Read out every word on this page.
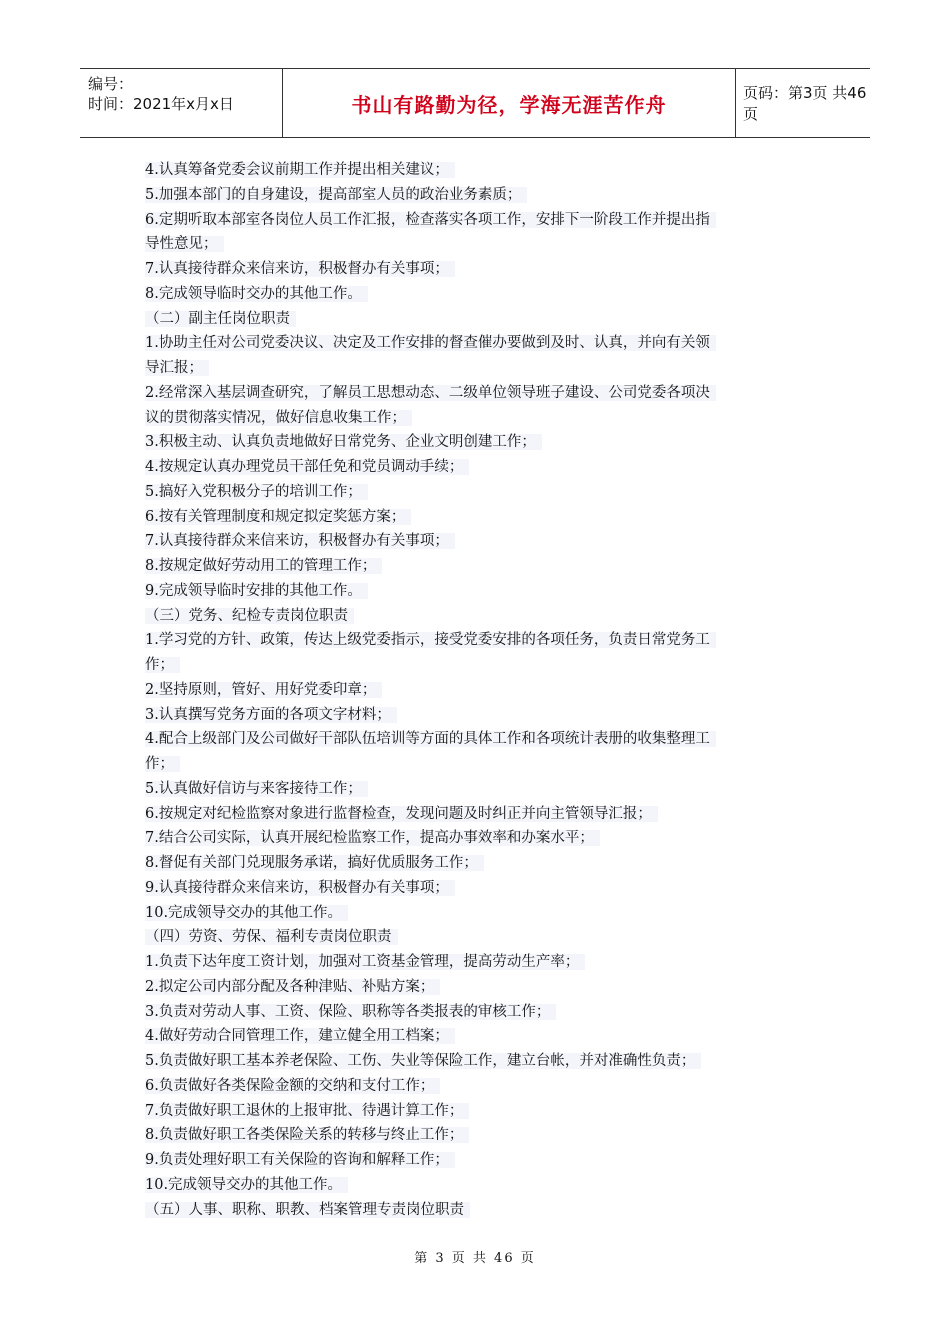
编号：
时间：2021年x月x日	书山有路勤为径，学海无涯苦作舟	页码：第3页 共46页
4.认真筹备党委会议前期工作并提出相关建议；
5.加强本部门的自身建设，提高部室人员的政治业务素质；
6.定期听取本部室各岗位人员工作汇报，检查落实各项工作，安排下一阶段工作并提出指
导性意见；
7.认真接待群众来信来访，积极督办有关事项；
8.完成领导临时交办的其他工作。
（二）副主任岗位职责
1.协助主任对公司党委决议、决定及工作安排的督查催办要做到及时、认真，并向有关领
导汇报；
2.经常深入基层调查研究，了解员工思想动态、二级单位领导班子建设、公司党委各项决
议的贯彻落实情况，做好信息收集工作；
3.积极主动、认真负责地做好日常党务、企业文明创建工作；
4.按规定认真办理党员干部任免和党员调动手续；
5.搞好入党积极分子的培训工作；
6.按有关管理制度和规定拟定奖惩方案；
7.认真接待群众来信来访，积极督办有关事项；
8.按规定做好劳动用工的管理工作；
9.完成领导临时安排的其他工作。
（三）党务、纪检专责岗位职责
1.学习党的方针、政策，传达上级党委指示，接受党委安排的各项任务，负责日常党务工
作；
2.坚持原则，管好、用好党委印章；
3.认真撰写党务方面的各项文字材料；
4.配合上级部门及公司做好干部队伍培训等方面的具体工作和各项统计表册的收集整理工
作；
5.认真做好信访与来客接待工作；
6.按规定对纪检监察对象进行监督检查，发现问题及时纠正并向主管领导汇报；
7.结合公司实际，认真开展纪检监察工作，提高办事效率和办案水平；
8.督促有关部门兑现服务承诺，搞好优质服务工作；
9.认真接待群众来信来访，积极督办有关事项；
10.完成领导交办的其他工作。
（四）劳资、劳保、福利专责岗位职责
1.负责下达年度工资计划，加强对工资基金管理，提高劳动生产率；
2.拟定公司内部分配及各种津贴、补贴方案；
3.负责对劳动人事、工资、保险、职称等各类报表的审核工作；
4.做好劳动合同管理工作，建立健全用工档案；
5.负责做好职工基本养老保险、工伤、失业等保险工作，建立台帐，并对准确性负责；
6.负责做好各类保险金额的交纳和支付工作；
7.负责做好职工退休的上报审批、待遇计算工作；
8.负责做好职工各类保险关系的转移与终止工作；
9.负责处理好职工有关保险的咨询和解释工作；
10.完成领导交办的其他工作。
（五）人事、职称、职教、档案管理专责岗位职责
第 3 页 共 46 页
